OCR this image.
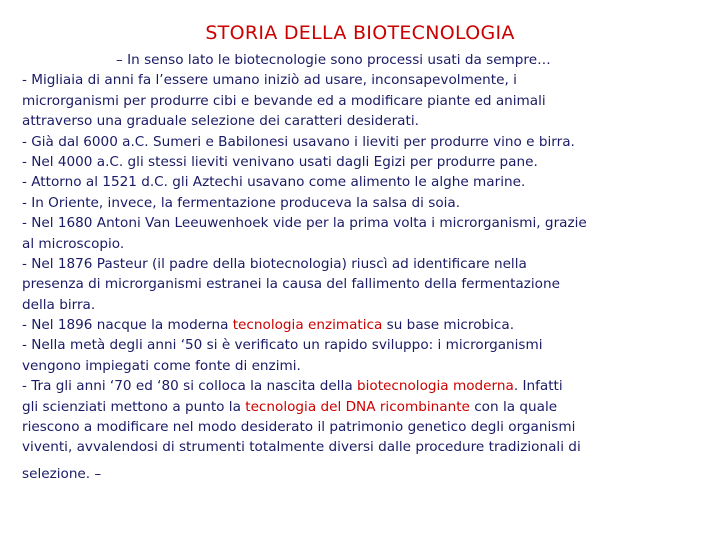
STORIA DELLA BIOTECNOLOGIA
– In senso lato le biotecnologie sono processi usati da sempre…
- Migliaia di anni fa l’essere umano iniziò ad usare, inconsapevolmente, i
microrganismi per produrre cibi e bevande ed a modificare piante ed animali
attraverso una graduale selezione dei caratteri desiderati.
- Già dal 6000 a.C. Sumeri e Babilonesi usavano i lieviti per produrre vino e birra.
- Nel 4000 a.C. gli stessi lieviti venivano usati dagli Egizi per produrre pane.
- Attorno al 1521 d.C. gli Aztechi usavano come alimento le alghe marine.
- In Oriente, invece, la fermentazione produceva la salsa di soia.
- Nel 1680 Antoni Van Leeuwenhoek vide per la prima volta i microrganismi, grazie
al microscopio.
- Nel 1876 Pasteur (il padre della biotecnologia) riuscì ad identificare nella
presenza di microrganismi estranei la causa del fallimento della fermentazione
della birra.
- Nel 1896 nacque la moderna tecnologia enzimatica su base microbica.
- Nella metà degli anni ‘50 si è verificato un rapido sviluppo: i microrganismi
vengono impiegati come fonte di enzimi.
- Tra gli anni ‘70 ed ‘80 si colloca la nascita della biotecnologia moderna. Infatti
gli scienziati mettono a punto la tecnologia del DNA ricombinante con la quale
riescono a modificare nel modo desiderato il patrimonio genetico degli organismi
viventi, avvalendosi di strumenti totalmente diversi dalle procedure tradizionali di
selezione. –
